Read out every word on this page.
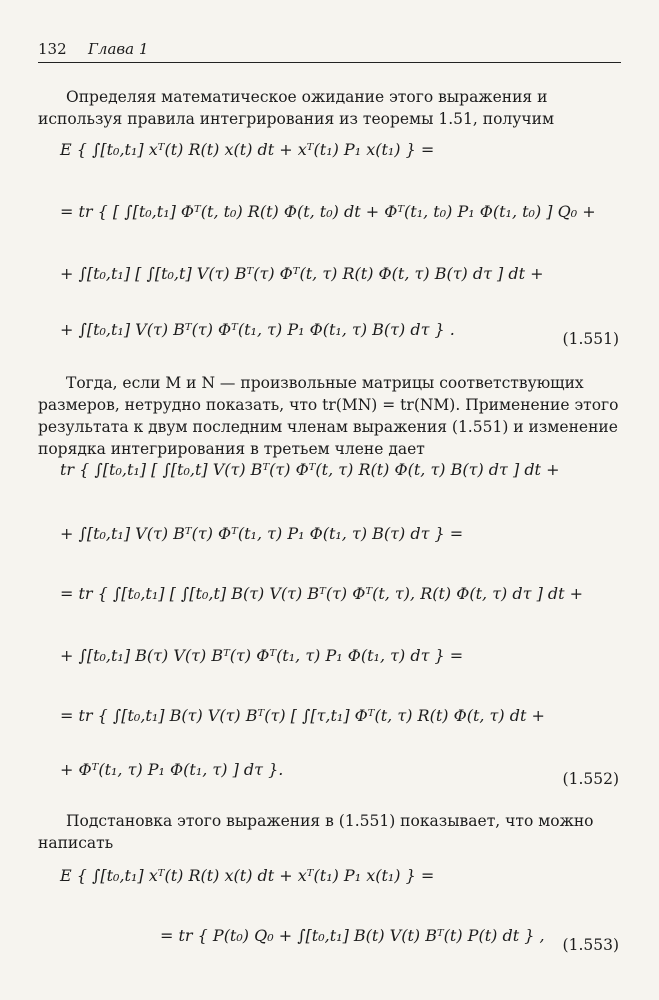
132 Глава 1
Определяя математическое ожидание этого выражения и используя правила интегрирования из теоремы 1.51, получим
E { ∫[t₀,t₁] xᵀ(t) R(t) x(t) dt + xᵀ(t₁) P₁ x(t₁) } =
= tr { [ ∫[t₀,t₁] Φᵀ(t, t₀) R(t) Φ(t, t₀) dt + Φᵀ(t₁, t₀) P₁ Φ(t₁, t₀) ] Q₀ +
+ ∫[t₀,t₁] [ ∫[t₀,t] V(τ) Bᵀ(τ) Φᵀ(t, τ) R(t) Φ(t, τ) B(τ) dτ ] dt +
+ ∫[t₀,t₁] V(τ) Bᵀ(τ) Φᵀ(t₁, τ) P₁ Φ(t₁, τ) B(τ) dτ } .	(1.551)
Тогда, если M и N — произвольные матрицы соответствующих размеров, нетрудно показать, что tr(MN) = tr(NM). Применение этого результата к двум последним членам выражения (1.551) и изменение порядка интегрирования в третьем члене дает
tr { ∫[t₀,t₁] [ ∫[t₀,t] V(τ) Bᵀ(τ) Φᵀ(t, τ) R(t) Φ(t, τ) B(τ) dτ ] dt +
+ ∫[t₀,t₁] V(τ) Bᵀ(τ) Φᵀ(t₁, τ) P₁ Φ(t₁, τ) B(τ) dτ } =
= tr { ∫[t₀,t₁] [ ∫[t₀,t] B(τ) V(τ) Bᵀ(τ) Φᵀ(t, τ), R(t) Φ(t, τ) dτ ] dt +
+ ∫[t₀,t₁] B(τ) V(τ) Bᵀ(τ) Φᵀ(t₁, τ) P₁ Φ(t₁, τ) dτ } =
= tr { ∫[t₀,t₁] B(τ) V(τ) Bᵀ(τ) [ ∫[τ,t₁] Φᵀ(t, τ) R(t) Φ(t, τ) dt +
+ Φᵀ(t₁, τ) P₁ Φ(t₁, τ) ] dτ }.	(1.552)
Подстановка этого выражения в (1.551) показывает, что можно написать
E { ∫[t₀,t₁] xᵀ(t) R(t) x(t) dt + xᵀ(t₁) P₁ x(t₁) } =
= tr { P(t₀) Q₀ + ∫[t₀,t₁] B(t) V(t) Bᵀ(t) P(t) dt } , (1.553)
